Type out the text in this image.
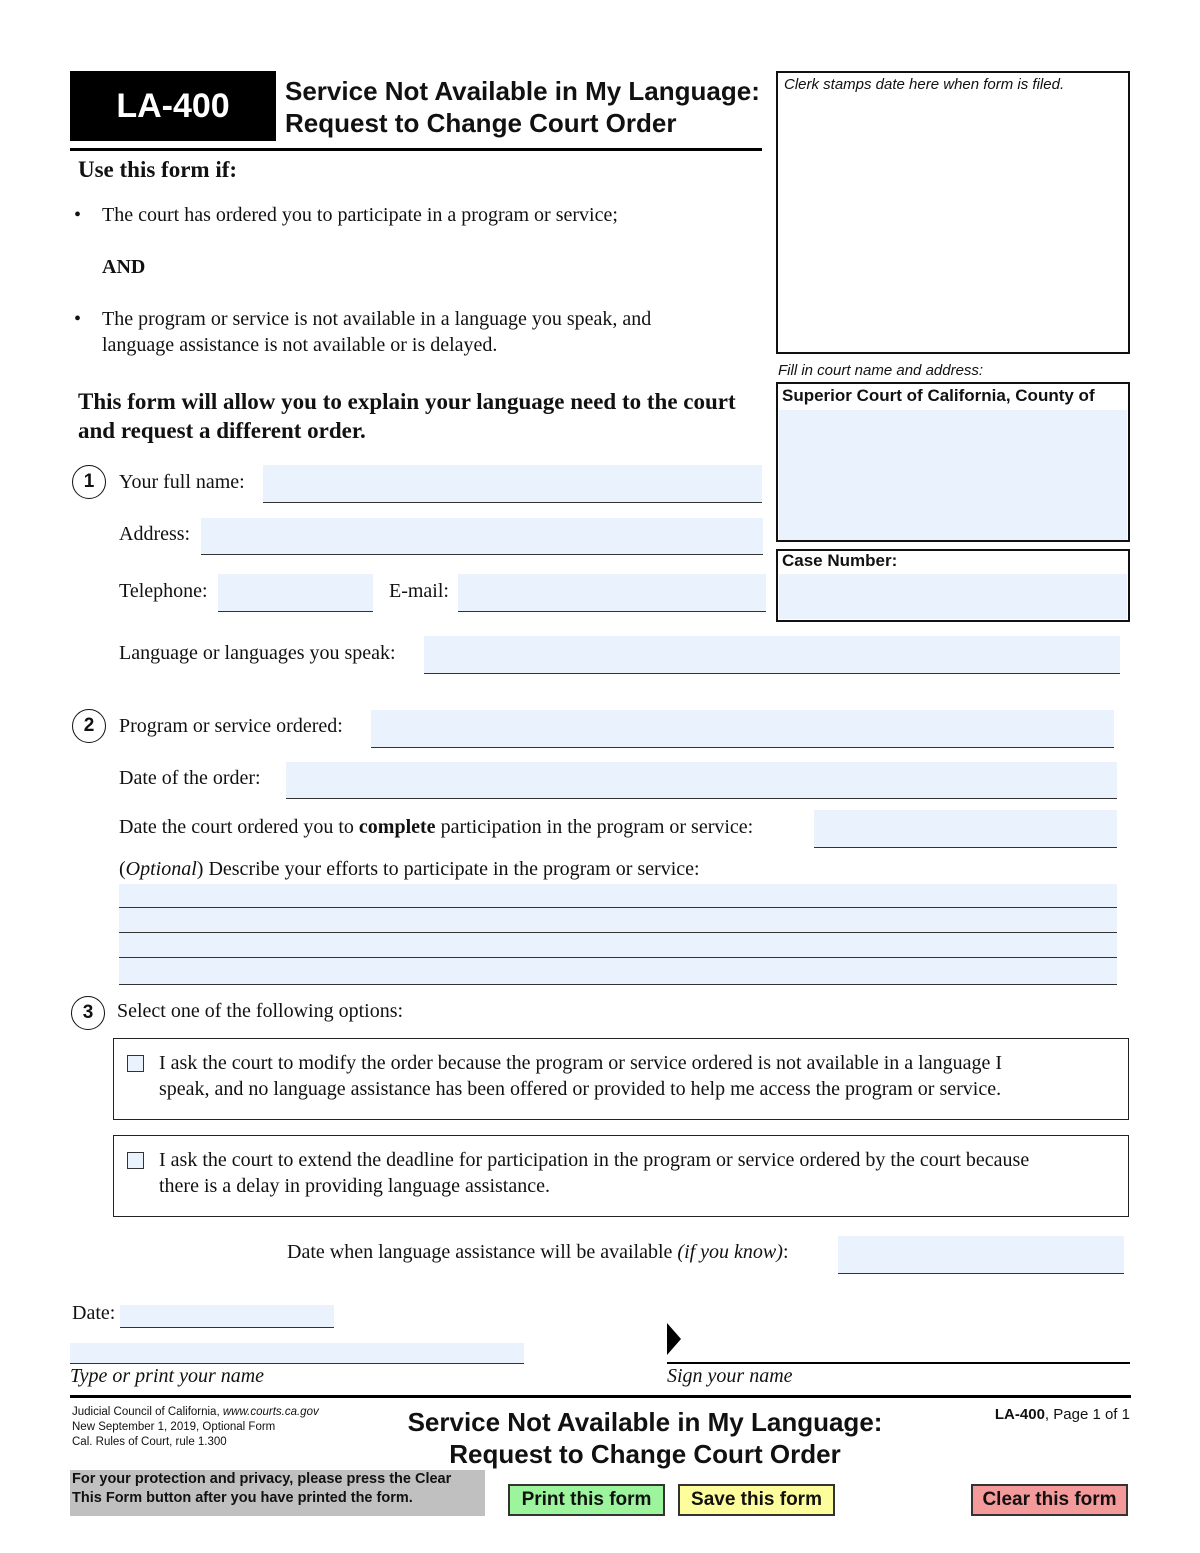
LA-400	Service Not Available in My Language:
Request to Change Court Order
Clerk stamps date here when form is filed.
Fill in court name and address:
Superior Court of California, County of
Case Number:
Use this form if:
• The court has ordered you to participate in a program or service;
AND
• The program or service is not available in a language you speak, and
language assistance is not available or is delayed.
This form will allow you to explain your language need to the court
and request a different order.
1	Your full name:
Address:
Telephone:	E-mail:
Language or languages you speak:
2	Program or service ordered:
Date of the order:
Date the court ordered you to complete participation in the program or service:
(Optional) Describe your efforts to participate in the program or service:
3	Select one of the following options:
I ask the court to modify the order because the program or service ordered is not available in a language I
speak, and no language assistance has been offered or provided to help me access the program or service.
I ask the court to extend the deadline for participation in the program or service ordered by the court because
there is a delay in providing language assistance.
Date when language assistance will be available (if you know):
Date:
Type or print your name	Sign your name
Judicial Council of California, www.courts.ca.gov
New September 1, 2019, Optional Form
Cal. Rules of Court, rule 1.300
Service Not Available in My Language:
Request to Change Court Order
LA-400, Page 1 of 1
For your protection and privacy, please press the Clear
This Form button after you have printed the form.	Print this form	Save this form	Clear this form
